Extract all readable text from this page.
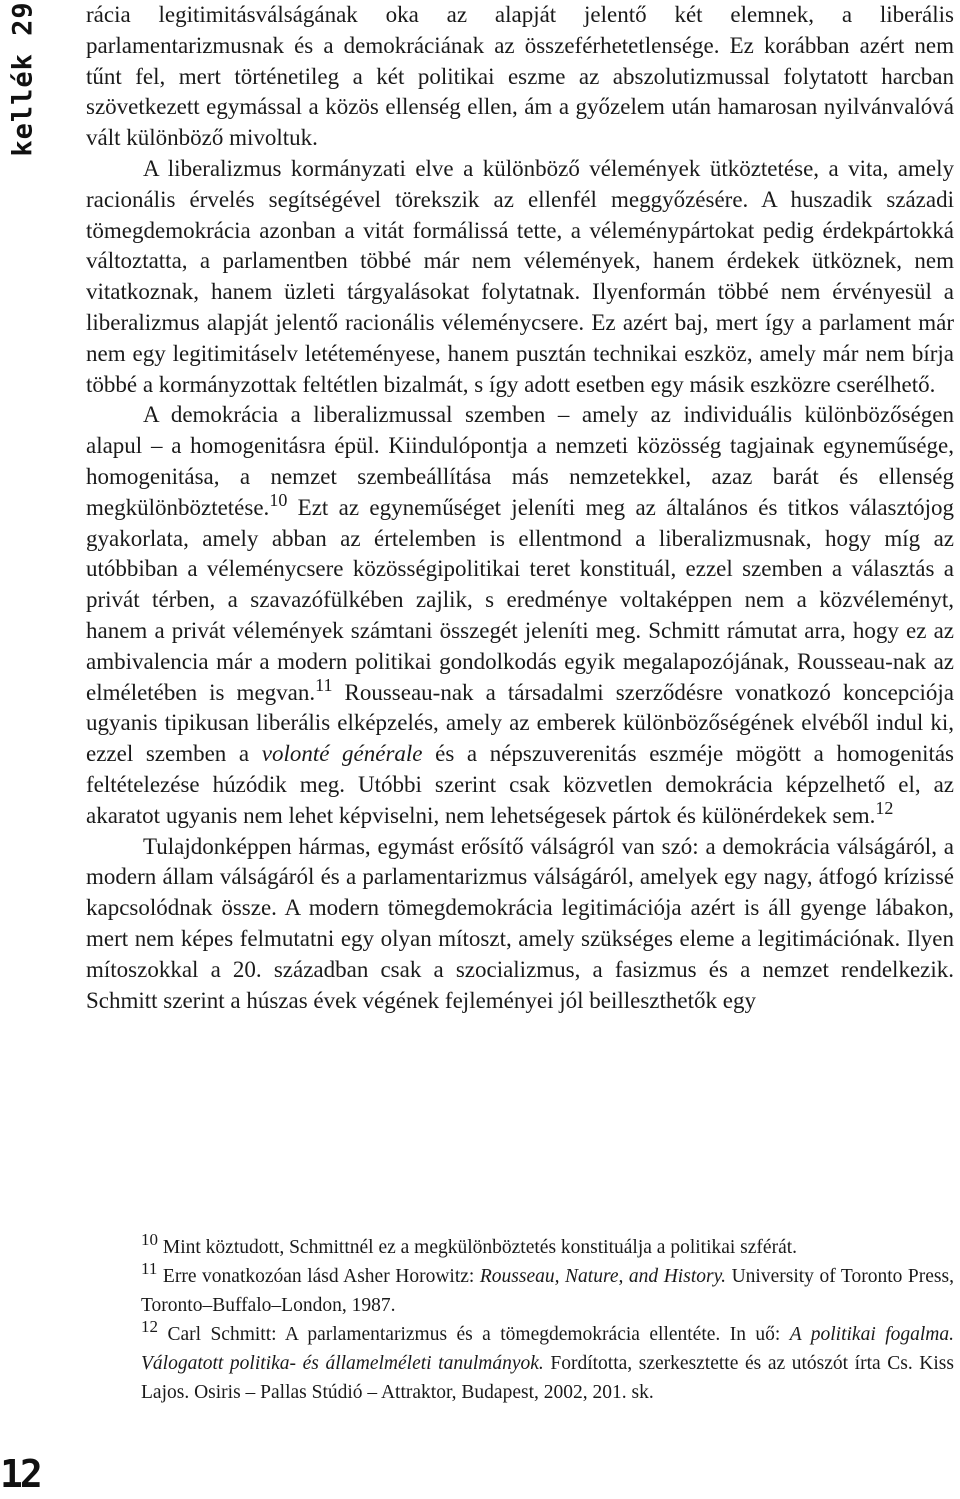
kellék 29 rácia legitimitásválságának oka az alapját jelentő két elemnek, a liberális parlamentarizmusnak és a demokráciának az összeférhetetlensége. Ez korábban azért nem tűnt fel, mert történetileg a két politikai eszme az abszolutizmussal folytatott harcban szövetkezett egymással a közös ellenség ellen, ám a győzelem után hamarosan nyilvánvalóvá vált különböző mivoltuk.

A liberalizmus kormányzati elve a különböző vélemények ütköztetése, a vita, amely racionális érvelés segítségével törekszik az ellenfél meggyőzésére. A huszadik századi tömegdemokrácia azonban a vitát formálissá tette, a véleménypártokat pedig érdekpártokká változtatta, a parlamentben többé már nem vélemények, hanem érdekek ütköznek, nem vitatkoznak, hanem üzleti tárgyalásokat folytatnak. Ilyenformán többé nem érvényesül a liberalizmus alapját jelentő racionális véleménycsere. Ez azért baj, mert így a parlament már nem egy legitimitáselv letéteményese, hanem pusztán technikai eszköz, amely már nem bírja többé a kormányzottak feltétlen bizalmát, s így adott esetben egy másik eszközre cserélhető.

A demokrácia a liberalizmussal szemben – amely az individuális különbözőségen alapul – a homogenitásra épül. Kiindulópontja a nemzeti közösség tagjainak egyneműsége, homogenitása, a nemzet szembeállítása más nemzetekkel, azaz barát és ellenség megkülönböztetése.$^{10}$ Ezt az egyneműséget jeleníti meg az általános és titkos választójog gyakorlata, amely abban az értelemben is ellentmond a liberalizmusnak, hogy míg az utóbbiban a véleménycsere közösségipolitikai teret konstituál, ezzel szemben a választás a privát térben, a szavazófülkében zajlik, s eredménye voltaképpen nem a közvéleményt, hanem a privát vélemények számtani összegét jeleníti meg. Schmitt rámutat arra, hogy ez az ambivalencia már a modern politikai gondolkodás egyik megalapozójának, Rousseau-nak az elméletében is megvan.$^{11}$ Rousseau-nak a társadalmi szerződésre vonatkozó koncepciója ugyanis tipikusan liberális elképzelés, amely az emberek különbözőségének elvéből indul ki, ezzel szemben a volonté générale és a népszuverenitás eszméje mögött a homogenitás feltételezése húzódik meg. Utóbbi szerint csak közvetlen demokrácia képzelhető el, az akaratot ugyanis nem lehet képviselni, nem lehetségesek pártok és különérdekek sem.$^{12}$

Tulajdonképpen hármas, egymást erősítő válságról van szó: a demokrácia válságáról, a modern állam válságáról és a parlamentarizmus válságáról, amelyek egy nagy, átfogó krízissé kapcsolódnak össze. A modern tömegdemokrácia legitimációja azért is áll gyenge lábakon, mert nem képes felmutatni egy olyan mítoszt, amely szükséges eleme a legitimációnak. Ilyen mítoszokkal a 20. században csak a szocializmus, a fasizmus és a nemzet rendelkezik. Schmitt szerint a húszas évek végének fejleményei jól beilleszthetők egy

$^{10}$ Mint köztudott, Schmittnél ez a megkülönböztetés konstituálja a politikai szférát.

$^{11}$ Erre vonatkozóan lásd Asher Horowitz: Rousseau, Nature, and History. University of Toronto Press, Toronto–Buffalo–London, 1987.

$^{12}$ Carl Schmitt: A parlamentarizmus és a tömegdemokrácia ellentéte. In uő: A politikai fogalma. Válogatott politika- és államelméleti tanulmányok. Fordította, szerkesztette és az utószót írta Cs. Kiss Lajos. Osiris – Pallas Stúdió – Attraktor, Budapest, 2002, 201. sk.

12
